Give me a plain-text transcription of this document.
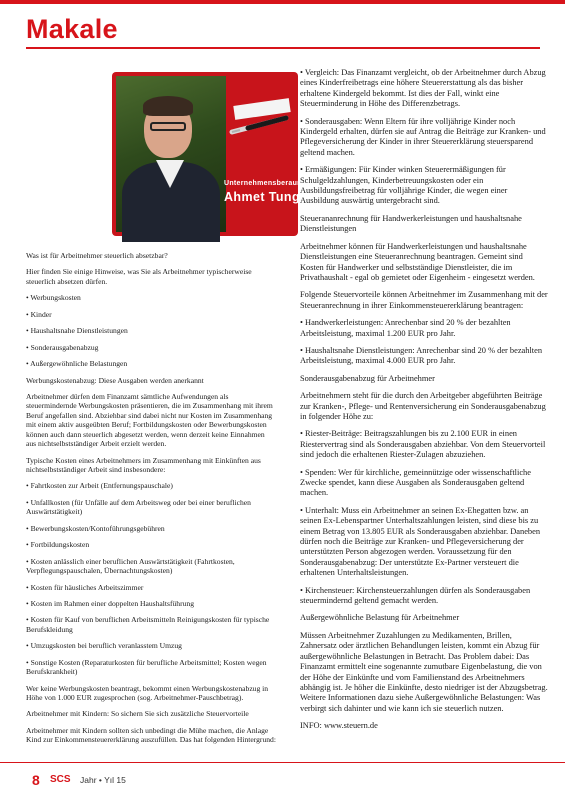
Makale
Unternehmensberaung
Ahmet Tunga
Was ist für Arbeitnehmer steuerlich absetzbar?
Hier finden Sie einige Hinweise, was Sie als Arbeitnehmer typischerweise steuerlich absetzen dürfen.
• Werbungskosten
• Kinder
• Haushaltsnahe Dienstleistungen
• Sonderausgabenabzug
• Außergewöhnliche Belastungen
Werbungskostenabzug: Diese Ausgaben werden anerkannt
Arbeitnehmer dürfen dem Finanzamt sämtliche Aufwendungen als steuermindernde Werbungskosten präsentieren, die im Zusammenhang mit ihrem Beruf angefallen sind. Abziehbar sind dabei nicht nur Kosten im Zusammenhang mit einem aktiv ausgeübten Beruf; Fortbildungskosten oder Bewerbungskosten können auch dann steuerlich abgesetzt werden, wenn derzeit keine Einnahmen aus nichtselbstständiger Arbeit erzielt werden.
Typische Kosten eines Arbeitnehmers im Zusammenhang mit Einkünften aus nichtselbstständiger Arbeit sind insbesondere:
• Fahrtkosten zur Arbeit (Entfernungspauschale)
• Unfallkosten (für Unfälle auf dem Arbeitsweg oder bei einer beruflichen Auswärtstätigkeit)
• Bewerbungskosten/Kontoführungsgebühren
• Fortbildungskosten
• Kosten anlässlich einer beruflichen Auswärtstätigkeit (Fahrtkosten, Verpflegungspauschalen, Übernachtungskosten)
• Kosten für häusliches Arbeitszimmer
• Kosten im Rahmen einer doppelten Haushaltsführung
• Kosten für Kauf von beruflichen Arbeitsmitteln Reinigungskosten für typische Berufskleidung
• Umzugskosten bei beruflich veranlasstem Umzug
• Sonstige Kosten (Reparaturkosten für berufliche Arbeitsmittel; Kosten wegen Berufskrankheit)
Wer keine Werbungskosten beantragt, bekommt einen Werbungskostenabzug in Höhe von 1.000 EUR zugesprochen (sog. Arbeitnehmer-Pauschbetrag).
Arbeitnehmer mit Kindern: So sichern Sie sich zusätzliche Steuervorteile
Arbeitnehmer mit Kindern sollten sich unbedingt die Mühe machen, die Anlage Kind zur Einkommensteuererklärung auszufüllen. Das hat folgenden Hintergrund:
• Vergleich: Das Finanzamt vergleicht, ob der Arbeitnehmer durch Abzug eines Kinderfreibetrags eine höhere Steuererstattung als das bisher erhaltene Kindergeld bekommt. Ist dies der Fall, winkt eine Steuerminderung in Höhe des Differenzbetrags.
• Sonderausgaben: Wenn Eltern für ihre volljährige Kinder noch Kindergeld erhalten, dürfen sie auf Antrag die Beiträge zur Kranken- und Pflegeversicherung der Kinder in ihrer Steuererklärung steuersparend geltend machen.
• Ermäßigungen: Für Kinder winken Steuerermäßigungen für Schulgeldzahlungen, Kinderbetreuungskosten oder ein Ausbildungsfreibetrag für volljährige Kinder, die wegen einer Ausbildung auswärtig untergebracht sind.
Steuerananrechnung für Handwerkerleistungen und haushaltsnahe Dienstleistungen
Arbeitnehmer können für Handwerkerleistungen und haushaltsnahe Dienstleistungen eine Steueranrechnung beantragen. Gemeint sind Kosten für Handwerker und selbstständige Dienstleister, die im Privathaushalt - egal ob gemietet oder Eigenheim - eingesetzt werden.
Folgende Steuervorteile können Arbeitnehmer im Zusammenhang mit der Steueranrechnung in ihrer Einkommensteuererklärung beantragen:
• Handwerkerleistungen: Anrechenbar sind 20 % der bezahlten Arbeitsleistung, maximal 1.200 EUR pro Jahr.
• Haushaltsnahe Dienstleistungen: Anrechenbar sind 20 % der bezahlten Arbeitsleistung, maximal 4.000 EUR pro Jahr.
Sonderausgabenabzug für Arbeitnehmer
Arbeitnehmern steht für die durch den Arbeitgeber abgeführten Beiträge zur Kranken-, Pflege- und Rentenversicherung ein Sonderausgabenabzug in folgender Höhe zu:
• Riester-Beiträge: Beitragszahlungen bis zu 2.100 EUR in einen Riestervertrag sind als Sonderausgaben abziehbar. Von dem Steuervorteil sind jedoch die erhaltenen Riester-Zulagen abzuziehen.
• Spenden: Wer für kirchliche, gemeinnützige oder wissenschaftliche Zwecke spendet, kann diese Ausgaben als Sonderausgaben geltend machen.
• Unterhalt: Muss ein Arbeitnehmer an seinen Ex-Ehegatten bzw. an seinen Ex-Lebenspartner Unterhaltszahlungen leisten, sind diese bis zu einem Betrag von 13.805 EUR als Sonderausgaben abziehbar. Daneben dürfen noch die Beiträge zur Kranken- und Pflegeversicherung der unterstützten Person abgezogen werden. Voraussetzung für den Sonderausgabenabzug: Der unterstützte Ex-Partner versteuert die erhaltenen Unterhaltsleistungen.
• Kirchensteuer: Kirchensteuerzahlungen dürfen als Sonderausgaben steuermindernd geltend gemacht werden.
Außergewöhnliche Belastung für Arbeitnehmer
Müssen Arbeitnehmer Zuzahlungen zu Medikamenten, Brillen, Zahnersatz oder ärztlichen Behandlungen leisten, kommt ein Abzug für außergewöhnliche Belastungen in Betracht. Das Problem dabei: Das Finanzamt ermittelt eine sogenannte zumutbare Eigenbelastung, die von der Höhe der Einkünfte und vom Familienstand des Arbeitnehmers abhängig ist. Je höher die Einkünfte, desto niedriger ist der Abzugsbetrag. Weitere Informationen dazu siehe Außergewöhnliche Belastungen: Was verbirgt sich dahinter und wie kann ich sie steuerlich nutzen.
INFO: www.steuern.de
8 SCS	Jahr • Yıl 15
